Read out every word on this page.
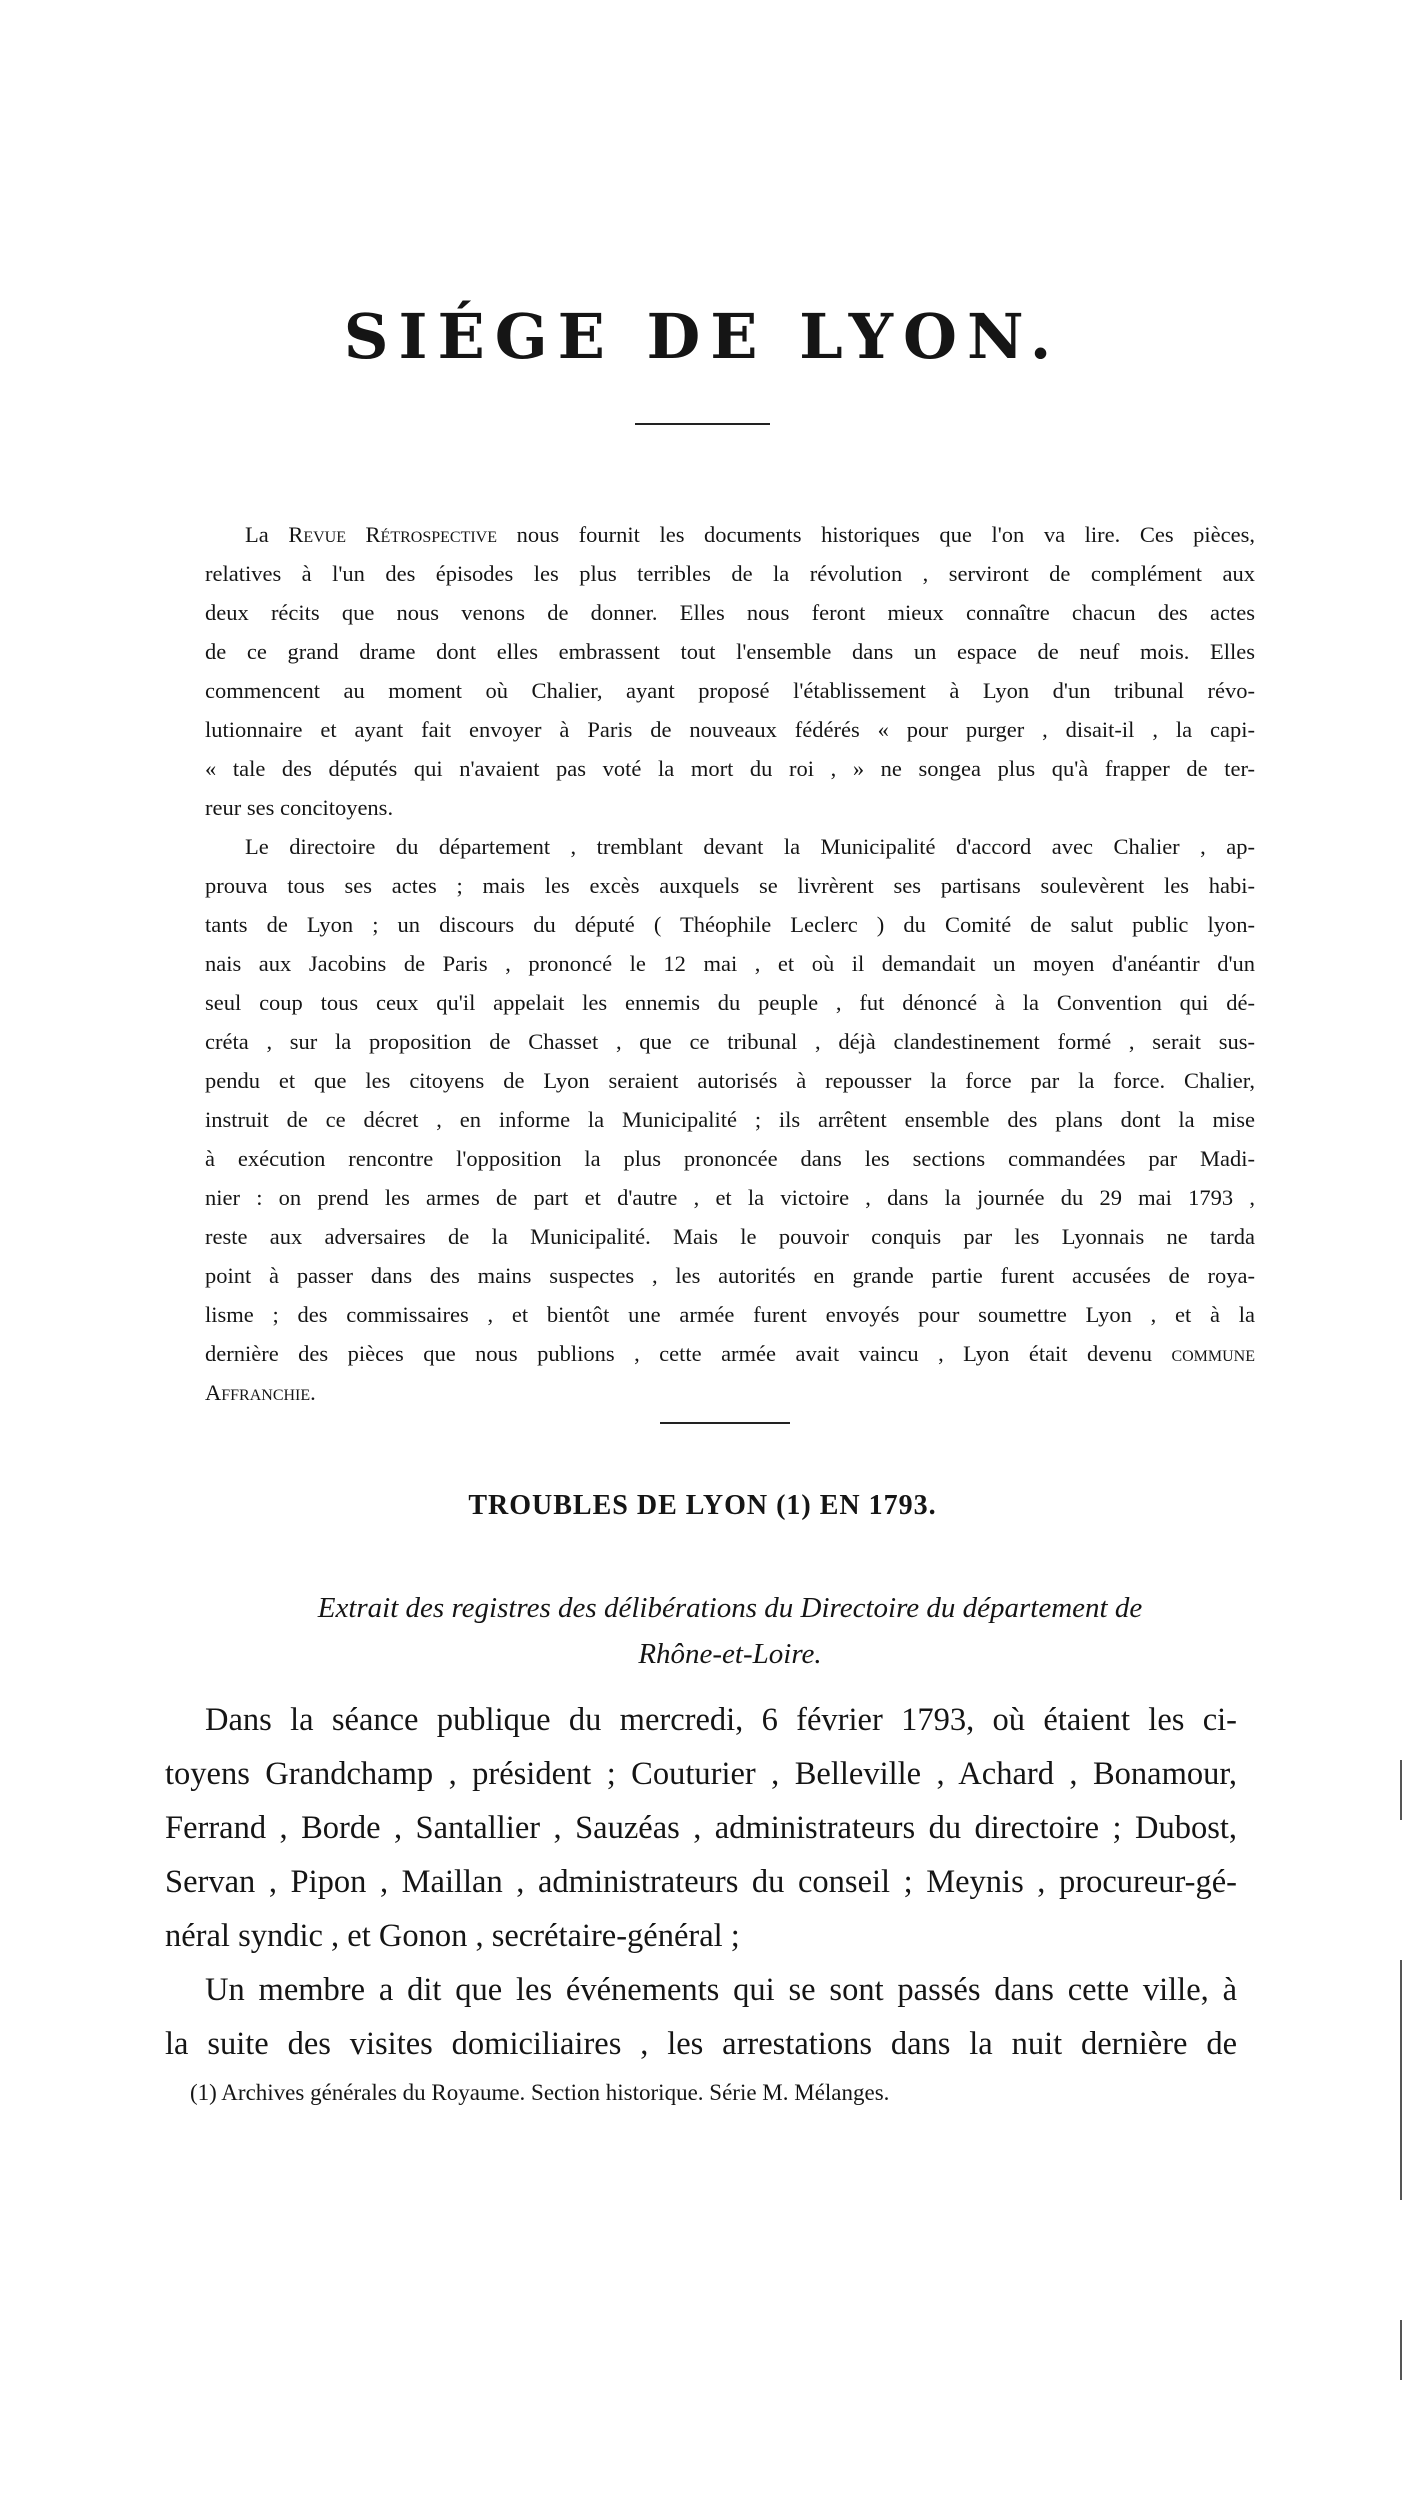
SIÉGE DE LYON.
La Revue Rétrospective nous fournit les documents historiques que l'on va lire. Ces pièces,
relatives à l'un des épisodes les plus terribles de la révolution , serviront de complément aux
deux récits que nous venons de donner. Elles nous feront mieux connaître chacun des actes
de ce grand drame dont elles embrassent tout l'ensemble dans un espace de neuf mois. Elles
commencent au moment où Chalier, ayant proposé l'établissement à Lyon d'un tribunal révo-
lutionnaire et ayant fait envoyer à Paris de nouveaux fédérés « pour purger , disait-il , la capi-
« tale des députés qui n'avaient pas voté la mort du roi , » ne songea plus qu'à frapper de ter-
reur ses concitoyens.
Le directoire du département , tremblant devant la Municipalité d'accord avec Chalier , ap-
prouva tous ses actes ; mais les excès auxquels se livrèrent ses partisans soulevèrent les habi-
tants de Lyon ; un discours du député ( Théophile Leclerc ) du Comité de salut public lyon-
nais aux Jacobins de Paris , prononcé le 12 mai , et où il demandait un moyen d'anéantir d'un
seul coup tous ceux qu'il appelait les ennemis du peuple , fut dénoncé à la Convention qui dé-
créta , sur la proposition de Chasset , que ce tribunal , déjà clandestinement formé , serait sus-
pendu et que les citoyens de Lyon seraient autorisés à repousser la force par la force. Chalier,
instruit de ce décret , en informe la Municipalité ; ils arrêtent ensemble des plans dont la mise
à exécution rencontre l'opposition la plus prononcée dans les sections commandées par Madi-
nier : on prend les armes de part et d'autre , et la victoire , dans la journée du 29 mai 1793 ,
reste aux adversaires de la Municipalité. Mais le pouvoir conquis par les Lyonnais ne tarda
point à passer dans des mains suspectes , les autorités en grande partie furent accusées de roya-
lisme ; des commissaires , et bientôt une armée furent envoyés pour soumettre Lyon , et à la
dernière des pièces que nous publions , cette armée avait vaincu , Lyon était devenu commune
Affranchie.
TROUBLES DE LYON (1) EN 1793.
Extrait des registres des délibérations du Directoire du département de
Rhône-et-Loire.
Dans la séance publique du mercredi, 6 février 1793, où étaient les ci-
toyens Grandchamp , président ; Couturier , Belleville , Achard , Bonamour,
Ferrand , Borde , Santallier , Sauzéas , administrateurs du directoire ; Dubost,
Servan , Pipon , Maillan , administrateurs du conseil ; Meynis , procureur-gé-
néral syndic , et Gonon , secrétaire-général ;
Un membre a dit que les événements qui se sont passés dans cette ville, à
la suite des visites domiciliaires , les arrestations dans la nuit dernière de
(1) Archives générales du Royaume. Section historique. Série M. Mélanges.
